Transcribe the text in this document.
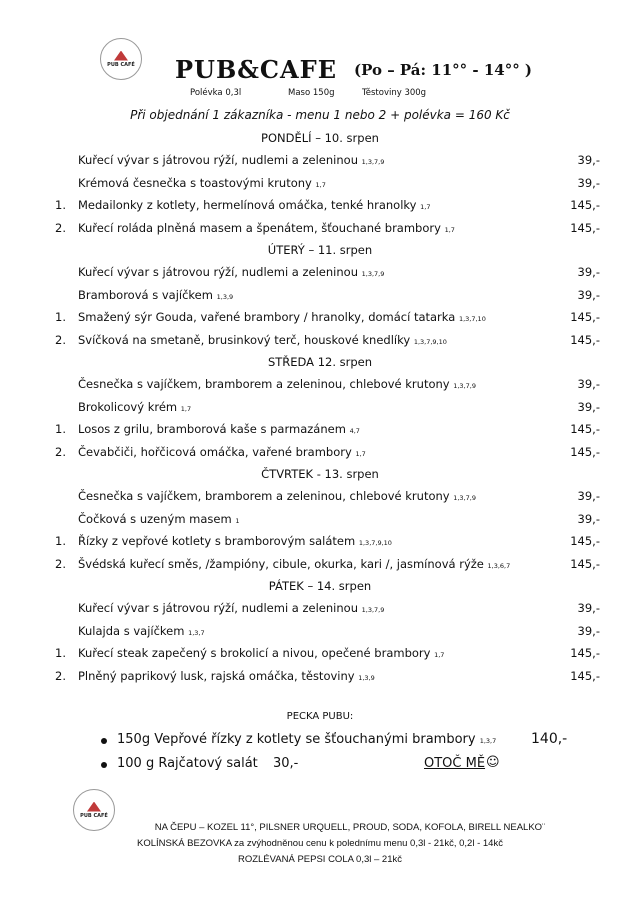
PUB CAFÉ PUB&CAFE (Po – Pá: 11°° - 14°° )
Polévka 0,3l	Maso 150g	Těstoviny 300g
Při objednání 1 zákazníka - menu 1 nebo 2 + polévka = 160 Kč
PONDĚLÍ – 10. srpen
Kuřecí vývar s játrovou rýží, nudlemi a zeleninou 1,3,7,9	39,-
Krémová česnečka s toastovými krutony 1,7	39,-
1. Medailonky z kotlety, hermelínová omáčka, tenké hranolky 1,7	145,-
2. Kuřecí roláda plněná masem a špenátem, šťouchané brambory 1,7	145,-
ÚTERÝ – 11. srpen
Kuřecí vývar s játrovou rýží, nudlemi a zeleninou 1,3,7,9	39,-
Bramborová s vajíčkem 1,3,9	39,-
1. Smažený sýr Gouda, vařené brambory / hranolky, domácí tatarka 1,3,7,10	145,-
2. Svíčková na smetaně, brusinkový terč, houskové knedlíky 1,3,7,9,10	145,-
STŘEDA 12. srpen
Česnečka s vajíčkem, bramborem a zeleninou, chlebové krutony 1,3,7,9	39,-
Brokolicový krém 1,7	39,-
1. Losos z grilu, bramborová kaše s parmazánem 4,7	145,-
2. Čevabčiči, hořčicová omáčka, vařené brambory 1,7	145,-
ČTVRTEK - 13. srpen
Česnečka s vajíčkem, bramborem a zeleninou, chlebové krutony 1,3,7,9	39,-
Čočková s uzeným masem 1	39,-
1. Řízky z vepřové kotlety s bramborovým salátem 1,3,7,9,10	145,-
2. Švédská kuřecí směs, /žampióny, cibule, okurka, kari /, jasmínová rýže 1,3,6,7	145,-
PÁTEK – 14. srpen
Kuřecí vývar s játrovou rýží, nudlemi a zeleninou 1,3,7,9	39,-
Kulajda s vajíčkem 1,3,7	39,-
1. Kuřecí steak zapečený s brokolicí a nivou, opečené brambory 1,7	145,-
2. Plněný paprikový lusk, rajská omáčka, těstoviny 1,3,9	145,-
PECKA PUBU:
150g Vepřové řízky z kotlety se šťouchanými brambory 1,3,7 140,-
100 g Rajčatový salát 30,-	OTOČ MĚ ☺
PUB CAFÉ
NA ČEPU – KOZEL 11°, PILSNER URQUELL, PROUD, SODA, KOFOLA, BIRELL NEALKO¨
KOLÍNSKÁ BEZOVKA za zvýhodněnou cenu k polednímu menu 0,3l - 21kč, 0,2l - 14kč
ROZLÉVANÁ PEPSI COLA 0,3l – 21kč
